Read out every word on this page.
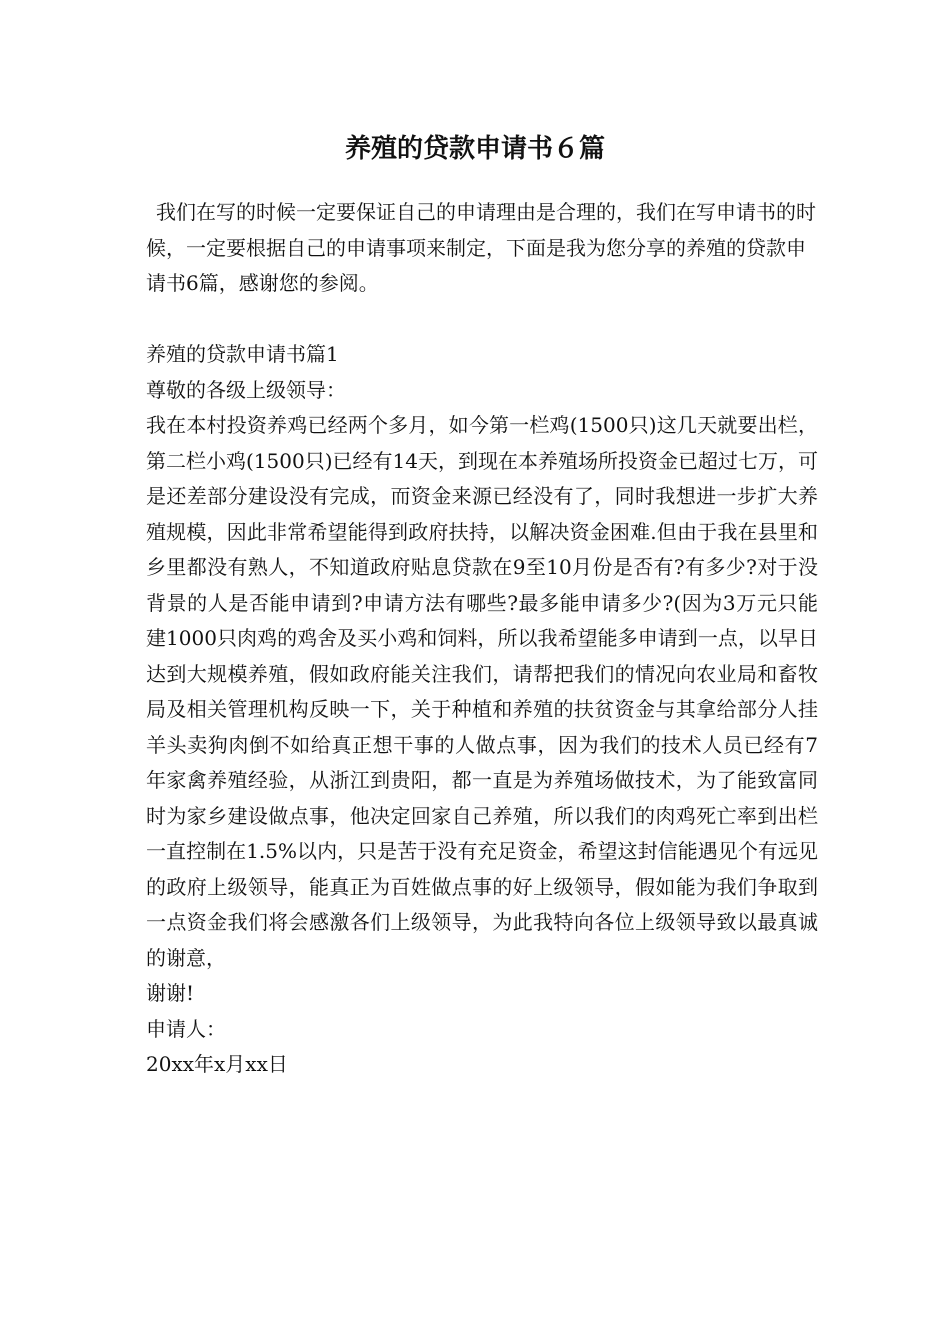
养殖的贷款申请书６篇

我们在写的时候一定要保证自己的申请理由是合理的，我们在写申请书的时候，一定要根据自己的申请事项来制定，下面是我为您分享的养殖的贷款申请书6篇，感谢您的参阅。

养殖的贷款申请书篇1

尊敬的各级上级领导：

我在本村投资养鸡已经两个多月，如今第一栏鸡(1500只)这几天就要出栏，第二栏小鸡(1500只)已经有14天，到现在本养殖场所投资金已超过七万，可是还差部分建设没有完成，而资金来源已经没有了，同时我想进一步扩大养殖规模，因此非常希望能得到政府扶持，以解决资金困难.但由于我在县里和乡里都没有熟人，不知道政府贴息贷款在9至10月份是否有?有多少?对于没背景的人是否能申请到?申请方法有哪些?最多能申请多少?(因为3万元只能建1000只肉鸡的鸡舍及买小鸡和饲料，所以我希望能多申请到一点，以早日达到大规模养殖，假如政府能关注我们，请帮把我们的情况向农业局和畜牧局及相关管理机构反映一下，关于种植和养殖的扶贫资金与其拿给部分人挂羊头卖狗肉倒不如给真正想干事的人做点事，因为我们的技术人员已经有7年家禽养殖经验，从浙江到贵阳，都一直是为养殖场做技术，为了能致富同时为家乡建设做点事，他决定回家自己养殖，所以我们的肉鸡死亡率到出栏一直控制在1.5%以内，只是苦于没有充足资金，希望这封信能遇见个有远见的政府上级领导，能真正为百姓做点事的好上级领导，假如能为我们争取到一点资金我们将会感激各们上级领导，为此我特向各位上级领导致以最真诚的谢意，

谢谢!

申请人：

20xx年x月xx日
